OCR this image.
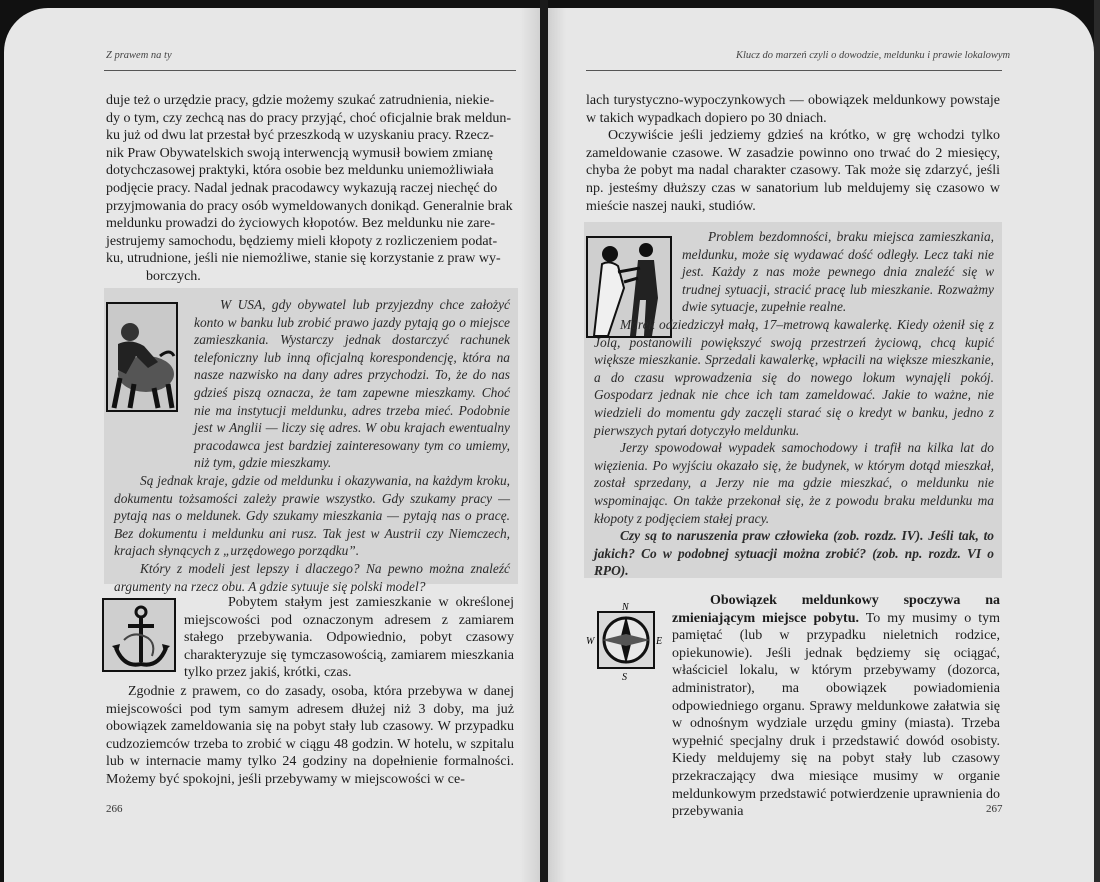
Z prawem na ty
duje też o urzędzie pracy, gdzie możemy szukać zatrudnienia, niekie-
dy o tym, czy zechcą nas do pracy przyjąć, choć oficjalnie brak meldun-
ku już od dwu lat przestał być przeszkodą w uzyskaniu pracy. Rzecz-
nik Praw Obywatelskich swoją interwencją wymusił bowiem zmianę
dotychczasowej praktyki, która osobie bez meldunku uniemożliwiała
podjęcie pracy. Nadal jednak pracodawcy wykazują raczej niechęć do
przyjmowania do pracy osób wymeldowanych donikąd. Generalnie brak
meldunku prowadzi do życiowych kłopotów. Bez meldunku nie zare-
jestrujemy samochodu, będziemy mieli kłopoty z rozliczeniem podat-
ku, utrudnione, jeśli nie niemożliwe, stanie się korzystanie z praw wy-
borczych.

W USA, gdy obywatel lub przyjezdny chce założyć konto w banku lub zrobić prawo jazdy pytają go o miejsce zamieszkania. Wystarczy jednak dostarczyć rachunek telefoniczny lub inną oficjalną korespondencję, która na nasze nazwisko na dany adres przychodzi. To, że do nas gdzieś piszą oznacza, że tam zapewne mieszkamy. Choć nie ma instytucji meldunku, adres trzeba mieć. Podobnie jest w Anglii — liczy się adres. W obu krajach ewentualny pracodawca jest bardziej zainteresowany tym co umiemy, niż tym, gdzie mieszkamy.

Są jednak kraje, gdzie od meldunku i okazywania, na każdym kroku, dokumentu tożsamości zależy prawie wszystko. Gdy szukamy pracy — pytają nas o meldunek. Gdy szukamy mieszkania — pytają nas o pracę. Bez dokumentu i meldunku ani rusz. Tak jest w Austrii czy Niemczech, krajach słynących z „urzędowego porządku”.

Który z modeli jest lepszy i dlaczego? Na pewno można znaleźć argumenty na rzecz obu. A gdzie sytuuje się polski model?

Pobytem stałym jest zamieszkanie w określonej miejscowości pod oznaczonym adresem z zamiarem stałego przebywania. Odpowiednio, pobyt czasowy charakteryzuje się tymczasowością, zamiarem mieszkania tylko przez jakiś, krótki, czas.

Zgodnie z prawem, co do zasady, osoba, która przebywa w danej miejscowości pod tym samym adresem dłużej niż 3 doby, ma już obowiązek zameldowania się na pobyt stały lub czasowy. W przypadku cudzoziemców trzeba to zrobić w ciągu 48 godzin. W hotelu, w szpitalu lub w internacie mamy tylko 24 godziny na dopełnienie formalności. Możemy być spokojni, jeśli przebywamy w miejscowości w ce-

266
Klucz do marzeń czyli o dowodzie, meldunku i prawie lokalowym

lach turystyczno-wypoczynkowych — obowiązek meldunkowy powstaje w takich wypadkach dopiero po 30 dniach.

Oczywiście jeśli jedziemy gdzieś na krótko, w grę wchodzi tylko zameldowanie czasowe. W zasadzie powinno ono trwać do 2 miesięcy, chyba że pobyt ma nadal charakter czasowy. Tak może się zdarzyć, jeśli np. jesteśmy dłuższy czas w sanatorium lub meldujemy się czasowo w mieście naszej nauki, studiów.

Problem bezdomności, braku miejsca zamieszkania, meldunku, może się wydawać dość odległy. Lecz taki nie jest. Każdy z nas może pewnego dnia znaleźć się w trudnej sytuacji, stracić pracę lub mieszkanie. Rozważmy dwie sytuacje, zupełnie realne.

Marek odziedziczył małą, 17–metrową kawalerkę. Kiedy ożenił się z Jolą, postanowili powiększyć swoją przestrzeń życiową, chcą kupić większe mieszkanie. Sprzedali kawalerkę, wpłacili na większe mieszkanie, a do czasu wprowadzenia się do nowego lokum wynajęli pokój. Gospodarz jednak nie chce ich tam zameldować. Jakie to ważne, nie wiedzieli do momentu gdy zaczęli starać się o kredyt w banku, jedno z pierwszych pytań dotyczyło meldunku.

Jerzy spowodował wypadek samochodowy i trafił na kilka lat do więzienia. Po wyjściu okazało się, że budynek, w którym dotąd mieszkał, został sprzedany, a Jerzy nie ma gdzie mieszkać, o meldunku nie wspominając. On także przekonał się, że z powodu braku meldunku ma kłopoty z podjęciem stałej pracy.

Czy są to naruszenia praw człowieka (zob. rozdz. IV). Jeśli tak, to jakich? Co w podobnej sytuacji można zrobić? (zob. np. rozdz. VI o RPO).

N
W	E
S

Obowiązek meldunkowy spoczywa na zmieniającym miejsce pobytu. To my musimy o tym pamiętać (lub w przypadku nieletnich rodzice, opiekunowie). Jeśli jednak będziemy się ociągać, właściciel lokalu, w którym przebywamy (dozorca, administrator), ma obowiązek powiadomienia odpowiedniego organu. Sprawy meldunkowe załatwia się w odnośnym wydziale urzędu gminy (miasta). Trzeba wypełnić specjalny druk i przedstawić dowód osobisty. Kiedy meldujemy się na pobyt stały lub czasowy przekraczający dwa miesiące musimy w organie meldunkowym przedstawić potwierdzenie uprawnienia do przebywania	267
